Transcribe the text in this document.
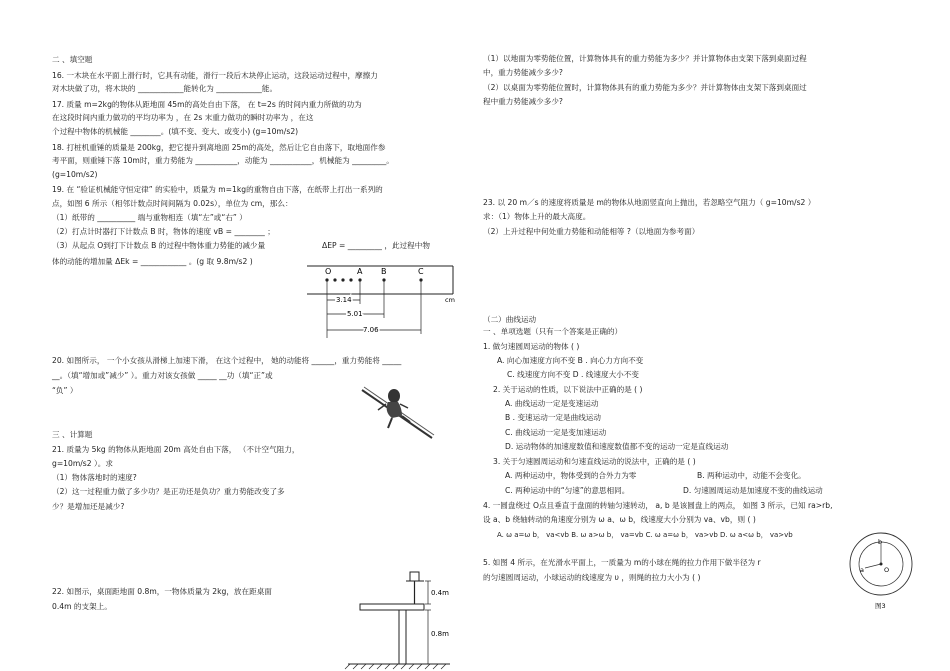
二 、填空题
16. 一木块在水平面上滑行时，它具有动能，滑行一段后木块停止运动，这段运动过程中，摩擦力
对木块做了功，将木块的 ____________能转化为 ____________能。
17. 质量 m=2kg的物体从距地面 45m的高处自由下落， 在 t=2s 的时间内重力所做的功为
在这段时间内重力做功的平均功率为 ，在 2s 末重力做功的瞬时功率为 ，在这
个过程中物体的机械能 ________。(填不变、变大、或变小) (g=10m/s2)
18. 打桩机重锤的质量是 200kg，把它提升到离地面 25m的高处，然后让它自由落下，取地面作参
考平面，则重锤下落 10m时，重力势能为 ___________，动能为 ___________，机械能为 _________。
(g=10m/s2)
19. 在 “验证机械能守恒定律” 的实验中，质量为 m=1kg的重物自由下落，在纸带上打出一系列的
点，如图 6 所示（相邻计数点时间间隔为 0.02s），单位为 cm，那么：
（1）纸带的 __________ 端与重物相连（填“左”或“右” ）
（2）打点计时器打下计数点 B 时，物体的速度 vB = ________ ；
（3）从起点 O到打下计数点 B 的过程中物体重力势能的减少量	ΔEP = _________ ，此过程中物
体的动能的增加量 ΔEk = ____________ 。(g 取 9.8m/s2 )
O	A B	C
cm
3.14
5.01
7.06
20. 如图所示， 一个小女孩从滑梯上加速下滑， 在这个过程中， 她的动能将 ______，重力势能将 _____
__。（填“增加或”减少” ）。重力对该女孩做 _____ __功（填“正”或
“负” ）
三 、计算题
21. 质量为 5kg 的物体从距地面 20m 高处自由下落， （不计空气阻力，
g=10m/s2 ）。求
（1）物体落地时的速度?
（2）这一过程重力做了多少功？是正功还是负功？重力势能改变了多
少？是增加还是减少?
22. 如图示，桌面距地面 0.8m，一物体质量为 2kg，放在距桌面
0.4m 的支架上。
0.4m
0.8m
（1）以地面为零势能位置，计算物体具有的重力势能为多少？并计算物体由支架下落到桌面过程
中，重力势能减少多少?
（2）以桌面为零势能位置时，计算物体具有的重力势能为多少？并计算物体由支架下落到桌面过
程中重力势能减少多少?
23. 以 20 m／s 的速度将质量是 m的物体从地面竖直向上抛出，若忽略空气阻力（ g=10m/s2 ）
求：（1）物体上升的最大高度。
（2）上升过程中何处重力势能和动能相等 ?（以地面为参考面）
（二）曲线运动
一 、单项选题（只有一个答案是正确的）
1. 做匀速圆周运动的物体 ( )
A. 向心加速度方向不变 B . 向心力方向不变
C. 线速度方向不变 D . 线速度大小不变
2. 关于运动的性质，以下说法中正确的是 ( )
A. 曲线运动一定是变速运动
B . 变速运动一定是曲线运动
C. 曲线运动一定是变加速运动
D. 运动物体的加速度数值和速度数值都不变的运动一定是直线运动
3. 关于匀速圆周运动和匀速直线运动的说法中，正确的是 ( )
A. 两种运动中，物体受到的合外力为零	B. 两种运动中，动能不会变化。
C. 两种运动中的“匀速”的意思相同。	D. 匀速圆周运动是加速度不变的曲线运动
4. 一圆盘绕过 O点且垂直于盘面的转轴匀速转动， a, b 是该圆盘上的两点， 如图 3 所示，已知 ra>rb,
设 a、b 绕轴转动的角速度分别为 ω a、ω b，线速度大小分别为 va、vb，则 ( )
A. ω a=ω b， va<vb B. ω a>ω b， va=vb C. ω a=ω b， va>vb D. ω a<ω b， va>vb
5. 如图 4 所示，在光滑水平面上，一质量为 m的小球在绳的拉力作用下做半径为 r
的匀速圆周运动，小球运动的线速度为 υ ，则绳的拉力大小为 ( )
b
a	O
图3
